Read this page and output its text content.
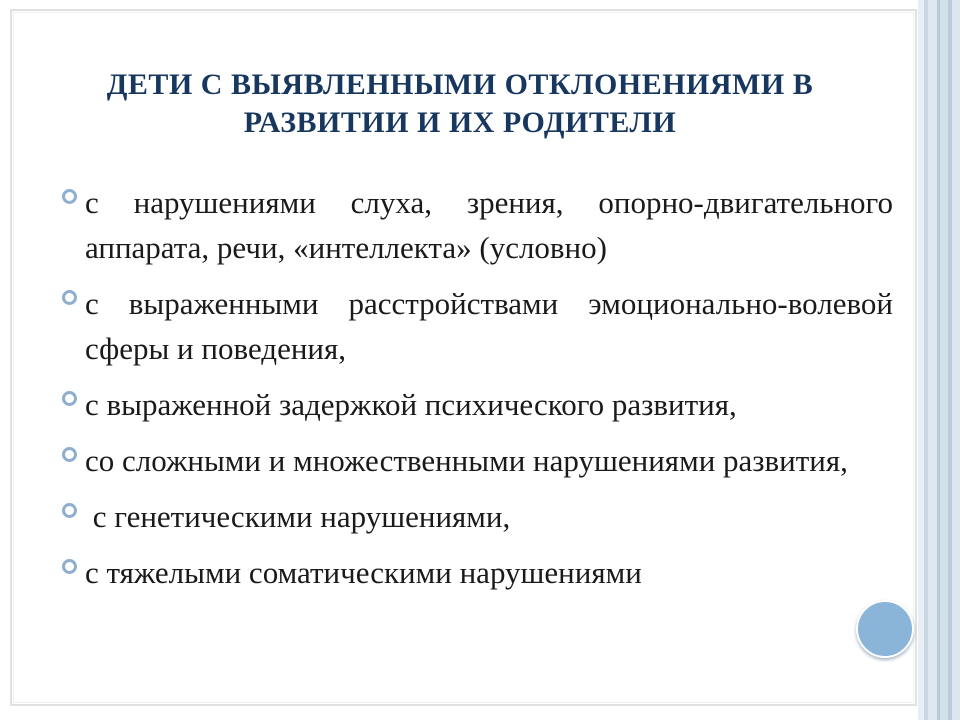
ДЕТИ С ВЫЯВЛЕННЫМИ ОТКЛОНЕНИЯМИ В
РАЗВИТИИ И ИХ РОДИТЕЛИ
с нарушениями слуха, зрения, опорно-двигательного аппарата, речи, «интеллекта» (условно)
с выраженными расстройствами эмоционально-волевой сферы и поведения,
с выраженной задержкой психического развития,
со сложными и множественными нарушениями развития,
с генетическими нарушениями,
с тяжелыми соматическими нарушениями
